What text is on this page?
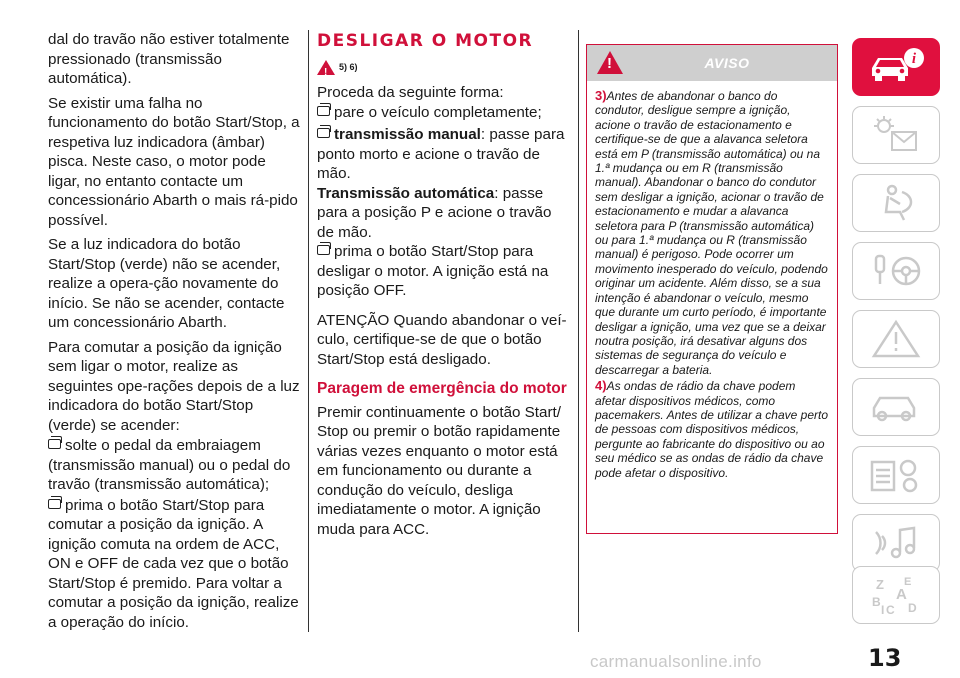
dal do travão não estiver totalmente pressionado (transmissão automática).

Se existir uma falha no funcionamento do botão Start/Stop, a respetiva luz indicadora (âmbar) pisca. Neste caso, o motor pode ligar, no entanto contacte um concessionário Abarth o mais rá-pido possível.

Se a luz indicadora do botão Start/Stop (verde) não se acender, realize a opera-ção novamente do início. Se não se acender, contacte um concessionário Abarth.

Para comutar a posição da ignição sem ligar o motor, realize as seguintes ope-rações depois de a luz indicadora do botão Start/Stop (verde) se acender:

solte o pedal da embraiagem (transmissão manual) ou o pedal do travão (transmissão automática);

prima o botão Start/Stop para comutar a posição da ignição. A ignição comuta na ordem de ACC, ON e OFF de cada vez que o botão Start/Stop é premido. Para voltar a comutar a posição da ignição, realize a operação do início.

DESLIGAR O MOTOR
!
5) 6)

Proceda da seguinte forma:

pare o veículo completamente;

transmissão manual: passe para ponto morto e acione o travão de mão.

Transmissão automática: passe para a posição P e acione o travão de mão.

prima o botão Start/Stop para desligar o motor. A ignição está na posição OFF.

ATENÇÃO Quando abandonar o veí-culo, certifique-se de que o botão Start/Stop está desligado.

Paragem de emergência do motor

Premir continuamente o botão Start/ Stop ou premir o botão rapidamente várias vezes enquanto o motor está em funcionamento ou durante a condução do veículo, desliga imediatamente o motor. A ignição muda para ACC.

!	AVISO

3)Antes de abandonar o banco do condutor, desligue sempre a ignição, acione o travão de estacionamento e certifique-se de que a alavanca seletora está em P (transmissão automática) ou na 1.ª mudança ou em R (transmissão manual). Abandonar o banco do condutor sem desligar a ignição, acionar o travão de estacionamento e mudar a alavanca seletora para P (transmissão automática) ou para 1.ª mudança ou R (transmissão manual) é perigoso. Pode ocorrer um movimento inesperado do veículo, podendo originar um acidente. Além disso, se a sua intenção é abandonar o veículo, mesmo que durante um curto período, é importante desligar a ignição, uma vez que se a deixar noutra posição, irá desativar alguns dos sistemas de segurança do veículo e descarregar a bateria.

4)As ondas de rádio da chave podem afetar dispositivos médicos, como pacemakers. Antes de utilizar a chave perto de pessoas com dispositivos médicos, pergunte ao fabricante do dispositivo ou ao seu médico se as ondas de rádio da chave pode afetar o dispositivo.

i
Z E
A
B
C D
I
13
carmanualsonline.info
